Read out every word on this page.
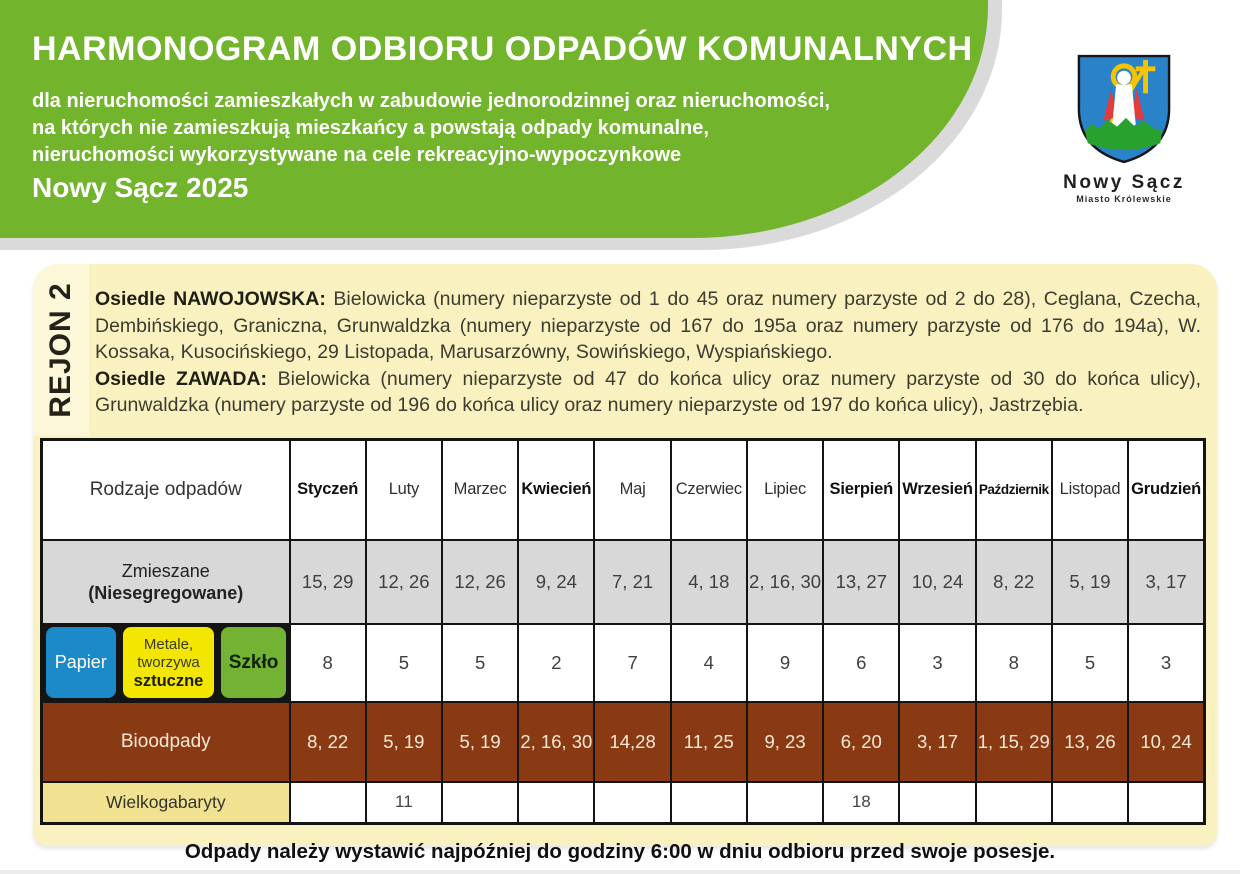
HARMONOGRAM ODBIORU ODPADÓW KOMUNALNYCH
dla nieruchomości zamieszkałych w zabudowie jednorodzinnej oraz nieruchomości,
na których nie zamieszkują mieszkańcy a powstają odpady komunalne,
nieruchomości wykorzystywane na cele rekreacyjno-wypoczynkowe
Nowy Sącz 2025	Nowy Sącz
Miasto Królewskie
REJON 2 Osiedle NAWOJOWSKA: Bielowicka (numery nieparzyste od 1 do 45 oraz numery parzyste od 2 do 28), Ceglana, Czecha, Dembińskiego, Graniczna, Grunwaldzka (numery nieparzyste od 167 do 195a oraz numery parzyste od 176 do 194a), W. Kossaka, Kusocińskiego, 29 Listopada, Marusarzówny, Sowińskiego, Wyspiańskiego.

Osiedle ZAWADA: Bielowicka (numery nieparzyste od 47 do końca ulicy oraz numery parzyste od 30 do końca ulicy), Grunwaldzka (numery parzyste od 196 do końca ulicy oraz numery nieparzyste od 197 do końca ulicy), Jastrzębia.

Rodzaje odpadów			Styczeń	Luty	Marzec	Kwiecień	Maj	Czerwiec	Lipiec	Sierpień	Wrzesień	Październik	Listopad	Grudzień

Zmieszane
(Niesegregowane)			15, 29	12, 26	12, 26	9, 24	7, 21	4, 18	2, 16, 30	13, 27	10, 24	8, 22	5, 19	3, 17

Papier	Metale,
tworzywa
sztuczne	Szkło	8	5	5	2	7	4	9	6	3	8	5	3
Bioodpady			8, 22	5, 19	5, 19	2, 16, 30	14,28	11, 25	9, 23	6, 20	3, 17	1, 15, 29	13, 26	10, 24
Wielkogabaryty				11						18				
Odpady należy wystawić najpóźniej do godziny 6:00 w dniu odbioru przed swoje posesje.
